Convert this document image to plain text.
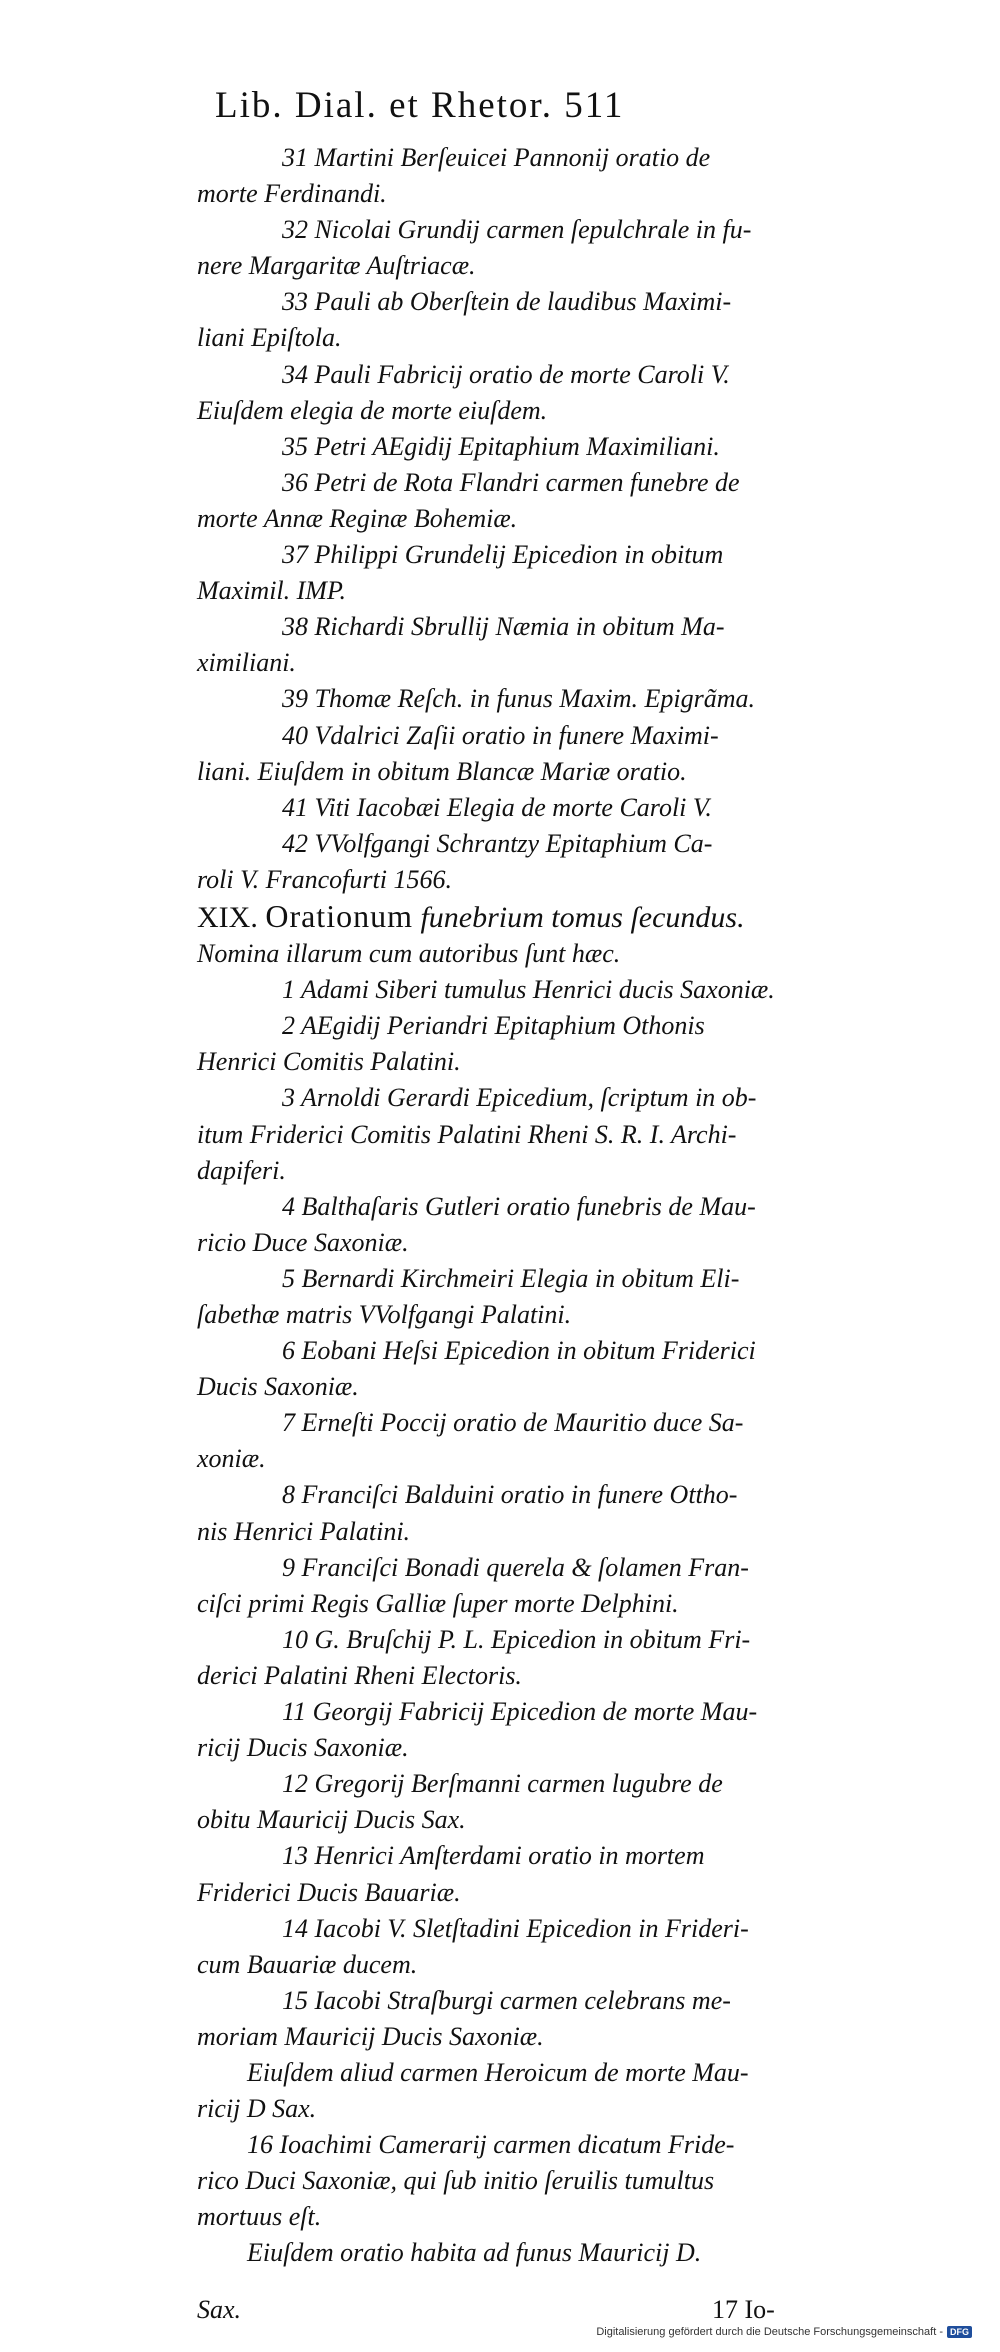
Lib. Dial. et Rhetor. 511
31 Martini Berſeuicei Pannonij oratio de
morte Ferdinandi.
32 Nicolai Grundij carmen ſepulchrale in fu-
nere Margaritæ Auſtriacæ.
33 Pauli ab Oberſtein de laudibus Maximi-
liani Epiſtola.
34 Pauli Fabricij oratio de morte Caroli V.
Eiuſdem elegia de morte eiuſdem.
35 Petri AEgidij Epitaphium Maximiliani.
36 Petri de Rota Flandri carmen funebre de
morte Annæ Reginæ Bohemiæ.
37 Philippi Grundelij Epicedion in obitum
Maximil. IMP.
38 Richardi Sbrullij Næmia in obitum Ma-
ximiliani.
39 Thomæ Reſch. in funus Maxim. Epigrãma.
40 Vdalrici Zaſii oratio in funere Maximi-
liani. Eiuſdem in obitum Blancæ Mariæ oratio.
41 Viti Iacobæi Elegia de morte Caroli V.
42 VVolfgangi Schrantzy Epitaphium Ca-
roli V. Francofurti 1566.
XIX. Orationum funebrium tomus ſecundus.
Nomina illarum cum autoribus ſunt hæc.
1 Adami Siberi tumulus Henrici ducis Saxoniæ.
2 AEgidij Periandri Epitaphium Othonis
Henrici Comitis Palatini.
3 Arnoldi Gerardi Epicedium, ſcriptum in ob-
itum Friderici Comitis Palatini Rheni S. R. I. Archi-
dapiferi.
4 Balthaſaris Gutleri oratio funebris de Mau-
ricio Duce Saxoniæ.
5 Bernardi Kirchmeiri Elegia in obitum Eli-
ſabethæ matris VVolfgangi Palatini.
6 Eobani Heſsi Epicedion in obitum Friderici
Ducis Saxoniæ.
7 Erneſti Poccij oratio de Mauritio duce Sa-
xoniæ.
8 Franciſci Balduini oratio in funere Ottho-
nis Henrici Palatini.
9 Franciſci Bonadi querela & ſolamen Fran-
ciſci primi Regis Galliæ ſuper morte Delphini.
10 G. Bruſchij P. L. Epicedion in obitum Fri-
derici Palatini Rheni Electoris.
11 Georgij Fabricij Epicedion de morte Mau-
ricij Ducis Saxoniæ.
12 Gregorij Berſmanni carmen lugubre de
obitu Mauricij Ducis Sax.
13 Henrici Amſterdami oratio in mortem
Friderici Ducis Bauariæ.
14 Iacobi V. Sletſtadini Epicedion in Frideri-
cum Bauariæ ducem.
15 Iacobi Straſburgi carmen celebrans me-
moriam Mauricij Ducis Saxoniæ.
Eiuſdem aliud carmen Heroicum de morte Mau-
ricij D Sax.
16 Ioachimi Camerarij carmen dicatum Fride-
rico Duci Saxoniæ, qui ſub initio ſeruilis tumultus
mortuus eſt.
Eiuſdem oratio habita ad funus Mauricij D.
Sax.	17 Io-
Digitalisierung gefördert durch die Deutsche Forschungsgemeinschaft - DFG
